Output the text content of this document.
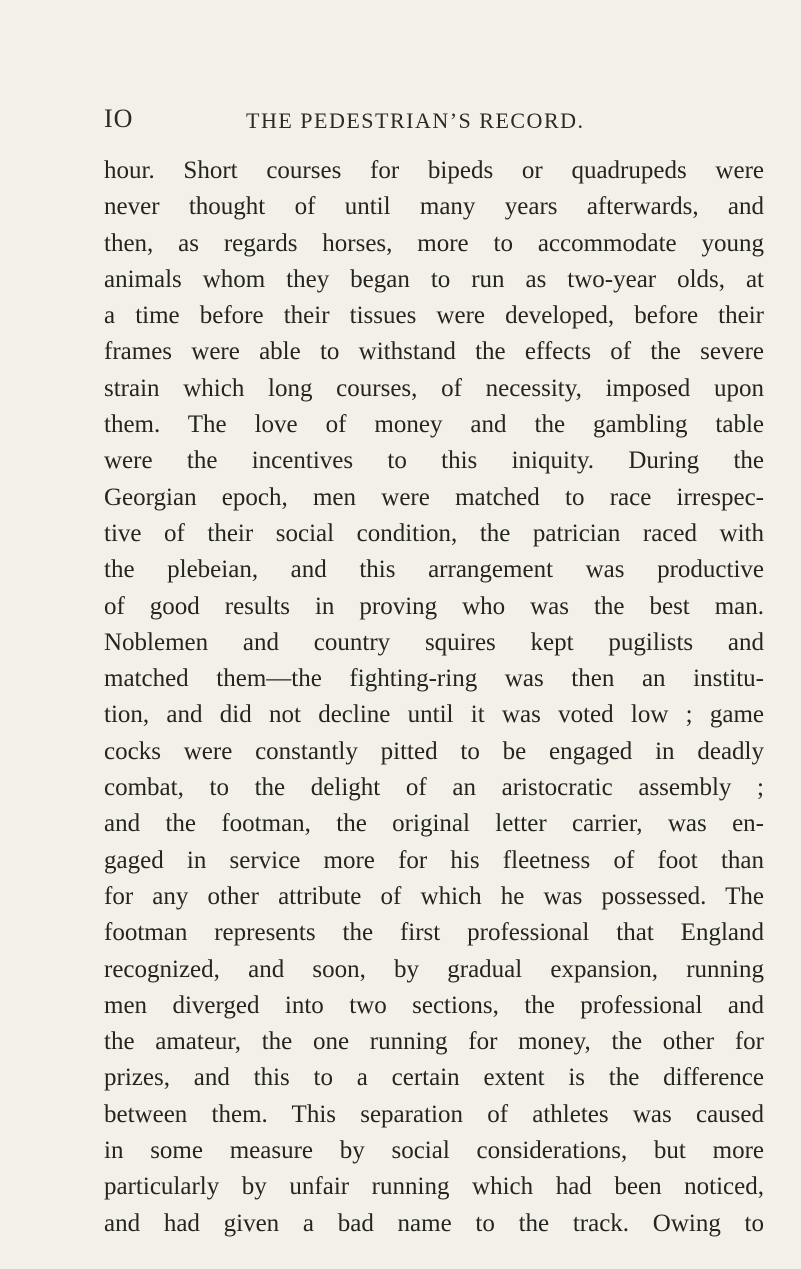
IO	THE PEDESTRIAN’S RECORD.
hour. Short courses for bipeds or quadrupeds were
never thought of until many years afterwards, and
then, as regards horses, more to accommodate young
animals whom they began to run as two-year olds, at
a time before their tissues were developed, before their
frames were able to withstand the effects of the severe
strain which long courses, of necessity, imposed upon
them. The love of money and the gambling table
were the incentives to this iniquity. During the
Georgian epoch, men were matched to race irrespec-
tive of their social condition, the patrician raced with
the plebeian, and this arrangement was productive
of good results in proving who was the best man.
Noblemen and country squires kept pugilists and
matched them—the fighting-ring was then an institu-
tion, and did not decline until it was voted low ; game
cocks were constantly pitted to be engaged in deadly
combat, to the delight of an aristocratic assembly ;
and the footman, the original letter carrier, was en-
gaged in service more for his fleetness of foot than
for any other attribute of which he was possessed. The
footman represents the first professional that England
recognized, and soon, by gradual expansion, running
men diverged into two sections, the professional and
the amateur, the one running for money, the other for
prizes, and this to a certain extent is the difference
between them. This separation of athletes was caused
in some measure by social considerations, but more
particularly by unfair running which had been noticed,
and had given a bad name to the track. Owing to
